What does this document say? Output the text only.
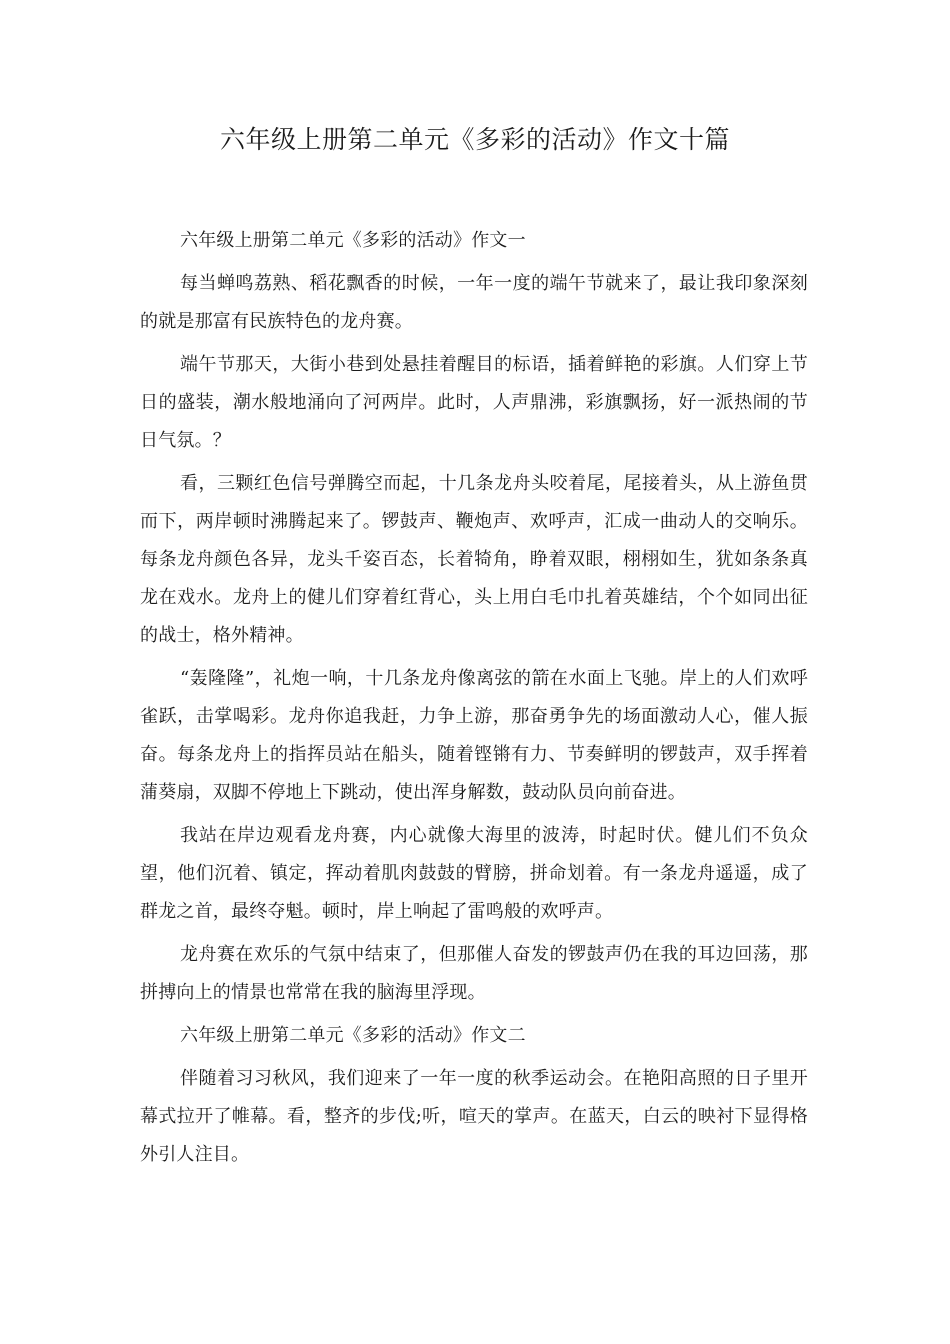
六年级上册第二单元《多彩的活动》作文十篇

六年级上册第二单元《多彩的活动》作文一

每当蝉鸣荔熟、稻花飘香的时候，一年一度的端午节就来了，最让我印象深刻的就是那富有民族特色的龙舟赛。

端午节那天，大街小巷到处悬挂着醒目的标语，插着鲜艳的彩旗。人们穿上节日的盛装，潮水般地涌向了河两岸。此时，人声鼎沸，彩旗飘扬，好一派热闹的节日气氛。？

看，三颗红色信号弹腾空而起，十几条龙舟头咬着尾，尾接着头，从上游鱼贯而下，两岸顿时沸腾起来了。锣鼓声、鞭炮声、欢呼声，汇成一曲动人的交响乐。每条龙舟颜色各异，龙头千姿百态，长着犄角，睁着双眼，栩栩如生，犹如条条真龙在戏水。龙舟上的健儿们穿着红背心，头上用白毛巾扎着英雄结，个个如同出征的战士，格外精神。

“轰隆隆”，礼炮一响，十几条龙舟像离弦的箭在水面上飞驰。岸上的人们欢呼雀跃，击掌喝彩。龙舟你追我赶，力争上游，那奋勇争先的场面激动人心，催人振奋。每条龙舟上的指挥员站在船头，随着铿锵有力、节奏鲜明的锣鼓声，双手挥着蒲葵扇，双脚不停地上下跳动，使出浑身解数，鼓动队员向前奋进。

我站在岸边观看龙舟赛，内心就像大海里的波涛，时起时伏。健儿们不负众望，他们沉着、镇定，挥动着肌肉鼓鼓的臂膀，拼命划着。有一条龙舟遥遥，成了群龙之首，最终夺魁。顿时，岸上响起了雷鸣般的欢呼声。

龙舟赛在欢乐的气氛中结束了，但那催人奋发的锣鼓声仍在我的耳边回荡，那拼搏向上的情景也常常在我的脑海里浮现。

六年级上册第二单元《多彩的活动》作文二

伴随着习习秋风，我们迎来了一年一度的秋季运动会。在艳阳高照的日子里开幕式拉开了帷幕。看，整齐的步伐;听，喧天的掌声。在蓝天，白云的映衬下显得格外引人注目。
